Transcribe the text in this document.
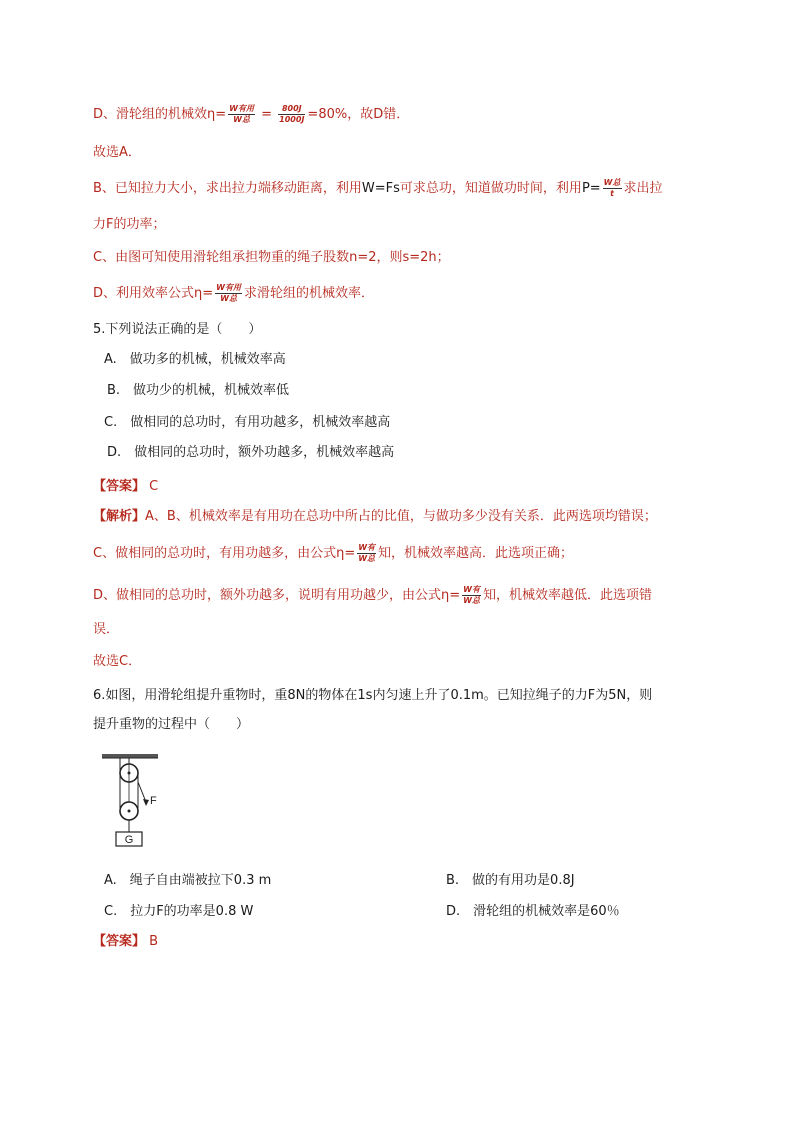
D、滑轮组的机械效$\eta= \frac{\text{W有用}}{\text{W总}} = \frac{800J}{1000J} =80\%$，故D错．
故选A．
B、已知拉力大小，求出拉力端移动距离，利用W=Fs可求总功，知道做功时间，利用$P= \frac{\text{W总}}{t}$ 求出拉
力F的功率；
C、由图可知使用滑轮组承担物重的绳子股数n=2，则s=2h；
D、利用效率公式$\eta= \frac{\text{W有用}}{\text{W总}}$ 求滑轮组的机械效率．
5.下列说法正确的是（　　）
A.　做功多的机械，机械效率高
B.　做功少的机械，机械效率低
C.　做相同的总功时，有用功越多，机械效率越高
D.　做相同的总功时，额外功越多，机械效率越高
【答案】 C
【解析】A、B、机械效率是有用功在总功中所占的比值，与做功多少没有关系．此两选项均错误；
C、做相同的总功时，有用功越多，由公式$\eta= \frac{\text{W有}}{\text{W总}}$ 知，机械效率越高．此选项正确；
D、做相同的总功时，额外功越多，说明有用功越少，由公式$\eta= \frac{\text{W有}}{\text{W总}}$ 知，机械效率越低．此选项错
误．
故选C．
6.如图，用滑轮组提升重物时，重8N的物体在1s内匀速上升了0.1m。已知拉绳子的力F为5N，则
提升重物的过程中（　　）
G
F
A.　绳子自由端被拉下0.3 m	B.　做的有用功是0.8J
C.　拉力F的功率是0.8 W	D.　滑轮组的机械效率是60％
【答案】 B
